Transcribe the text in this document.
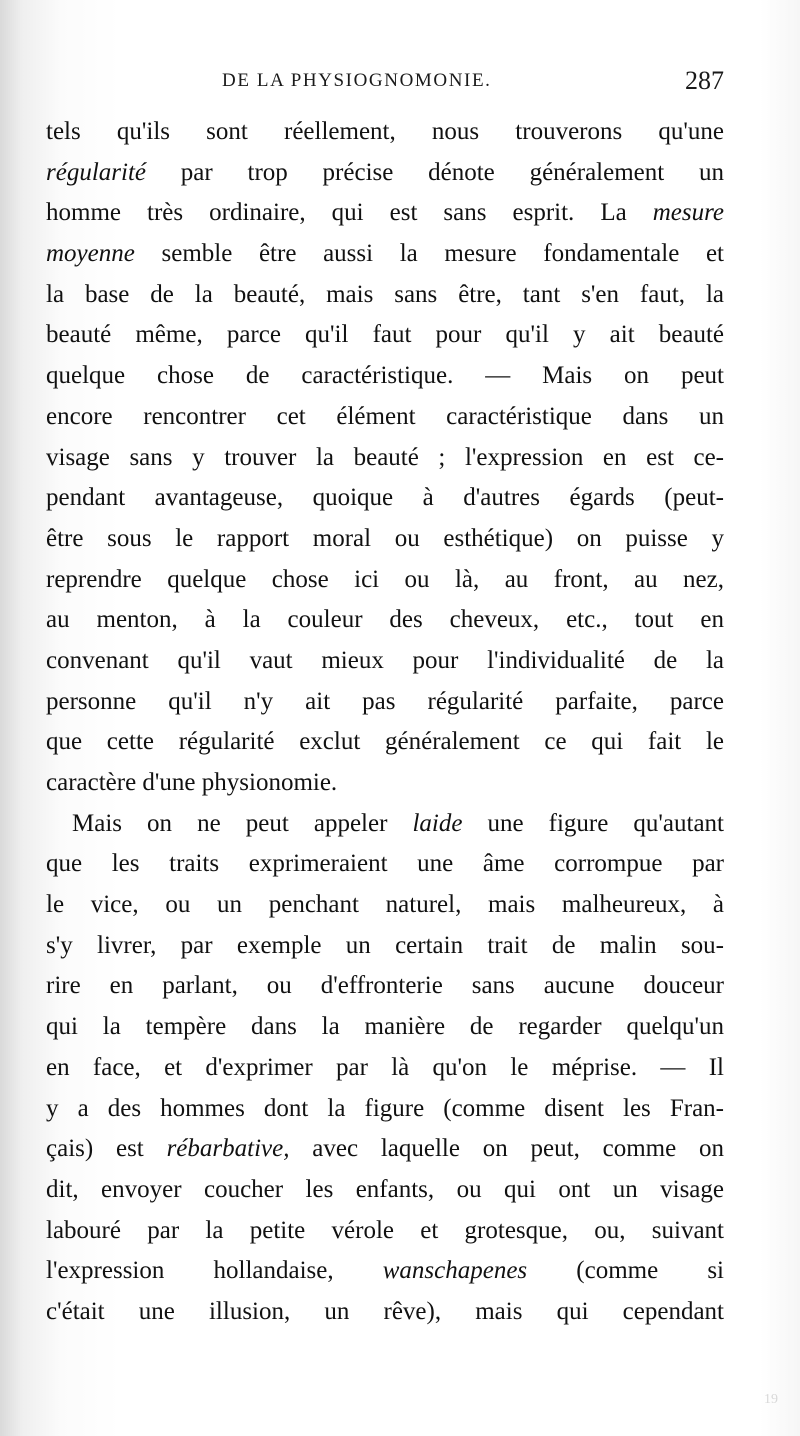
DE LA PHYSIOGNOMONIE.	287
tels qu'ils sont réellement, nous trouverons qu'une
régularité par trop précise dénote généralement un
homme très ordinaire, qui est sans esprit. La mesure
moyenne semble être aussi la mesure fondamentale et
la base de la beauté, mais sans être, tant s'en faut, la
beauté même, parce qu'il faut pour qu'il y ait beauté
quelque chose de caractéristique. — Mais on peut
encore rencontrer cet élément caractéristique dans un
visage sans y trouver la beauté ; l'expression en est ce-
pendant avantageuse, quoique à d'autres égards (peut-
être sous le rapport moral ou esthétique) on puisse y
reprendre quelque chose ici ou là, au front, au nez,
au menton, à la couleur des cheveux, etc., tout en
convenant qu'il vaut mieux pour l'individualité de la
personne qu'il n'y ait pas régularité parfaite, parce
que cette régularité exclut généralement ce qui fait le
caractère d'une physionomie.
Mais on ne peut appeler laide une figure qu'autant
que les traits exprimeraient une âme corrompue par
le vice, ou un penchant naturel, mais malheureux, à
s'y livrer, par exemple un certain trait de malin sou-
rire en parlant, ou d'effronterie sans aucune douceur
qui la tempère dans la manière de regarder quelqu'un
en face, et d'exprimer par là qu'on le méprise. — Il
y a des hommes dont la figure (comme disent les Fran-
çais) est rébarbative, avec laquelle on peut, comme on
dit, envoyer coucher les enfants, ou qui ont un visage
labouré par la petite vérole et grotesque, ou, suivant
l'expression hollandaise, wanschapenes (comme si
c'était une illusion, un rêve), mais qui cependant
19
